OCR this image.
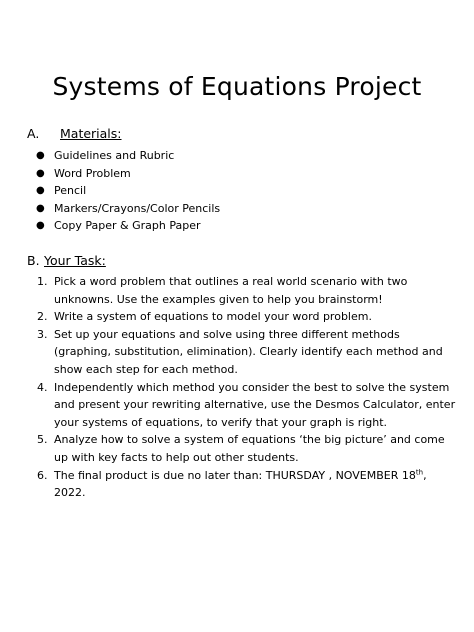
Systems of Equations Project
A. Materials:
● Guidelines and Rubric
● Word Problem
● Pencil
● Markers/Crayons/Color Pencils
● Copy Paper & Graph Paper
B. Your Task:
1. Pick a word problem that outlines a real world scenario with two unknowns. Use the examples given to help you brainstorm!
2. Write a system of equations to model your word problem.
3. Set up your equations and solve using three different methods (graphing, substitution, elimination). Clearly identify each method and show each step for each method.
4. Independently which method you consider the best to solve the system and present your rewriting alternative, use the Desmos Calculator, enter your systems of equations, to verify that your graph is right.
5. Analyze how to solve a system of equations ‘the big picture’ and come up with key facts to help out other students.
6. The final product is due no later than: THURSDAY , NOVEMBER 18th, 2022.
